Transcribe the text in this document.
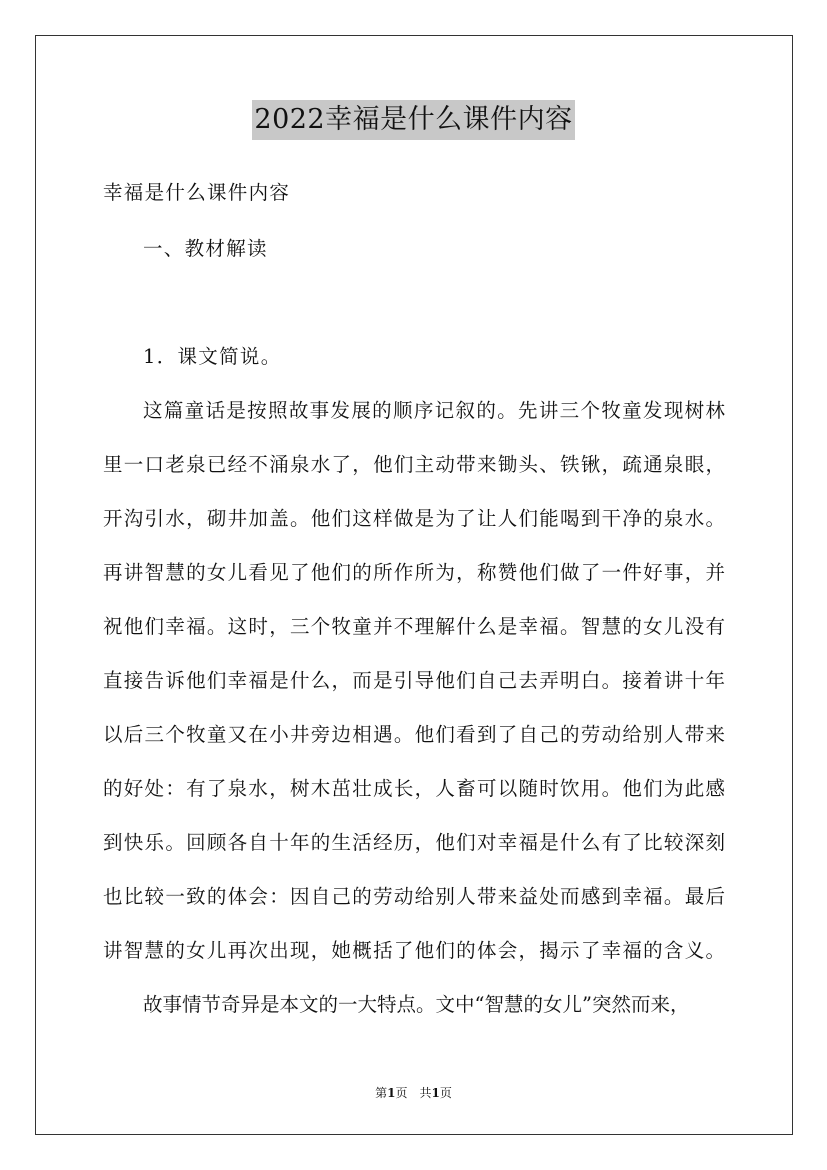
2022幸福是什么课件内容
幸福是什么课件内容
一、教材解读
1．课文简说。
这篇童话是按照故事发展的顺序记叙的。先讲三个牧童发现树林
里一口老泉已经不涌泉水了，他们主动带来锄头、铁锹，疏通泉眼，
开沟引水，砌井加盖。他们这样做是为了让人们能喝到干净的泉水。
再讲智慧的女儿看见了他们的所作所为，称赞他们做了一件好事，并
祝他们幸福。这时，三个牧童并不理解什么是幸福。智慧的女儿没有
直接告诉他们幸福是什么，而是引导他们自己去弄明白。接着讲十年
以后三个牧童又在小井旁边相遇。他们看到了自己的劳动给别人带来
的好处：有了泉水，树木茁壮成长，人畜可以随时饮用。他们为此感
到快乐。回顾各自十年的生活经历，他们对幸福是什么有了比较深刻
也比较一致的体会：因自己的劳动给别人带来益处而感到幸福。最后
讲智慧的女儿再次出现，她概括了他们的体会，揭示了幸福的含义。
故事情节奇异是本文的一大特点。文中“智慧的女儿”突然而来，
第1页　共1页
